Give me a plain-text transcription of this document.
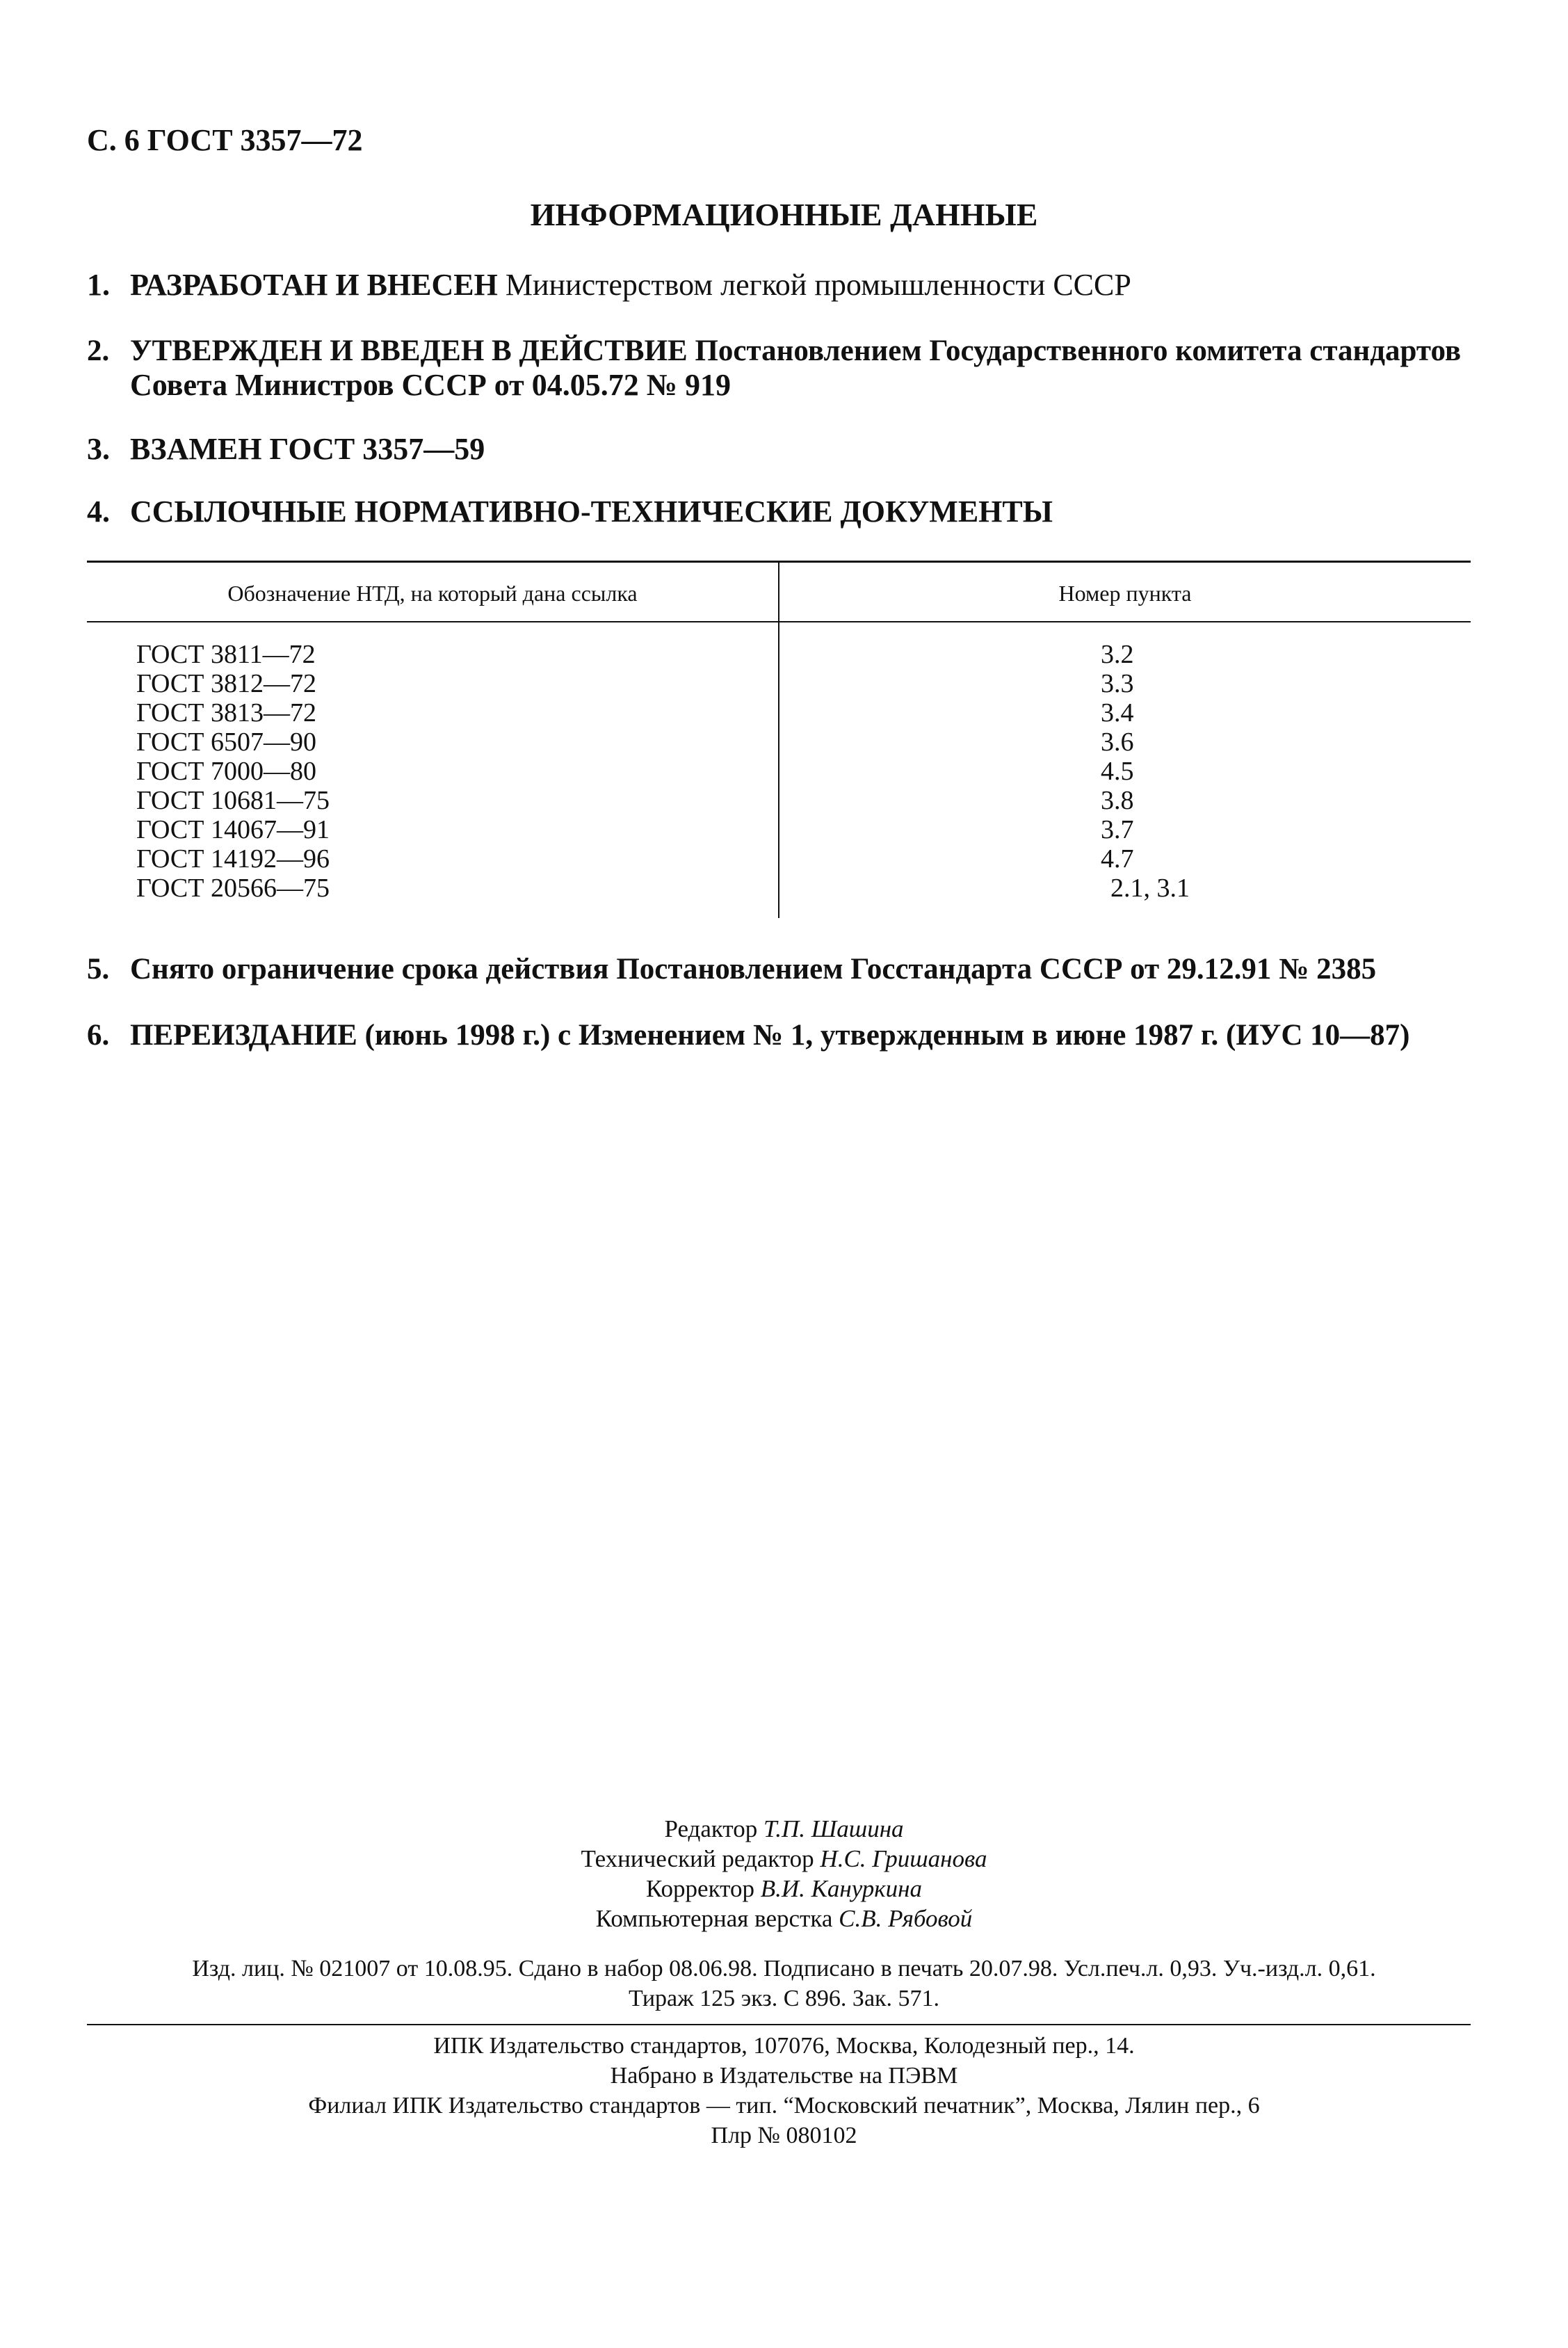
С. 6 ГОСТ 3357—72
ИНФОРМАЦИОННЫЕ ДАННЫЕ
1. РАЗРАБОТАН И ВНЕСЕН Министерством легкой промышленности СССР
2. УТВЕРЖДЕН И ВВЕДЕН В ДЕЙСТВИЕ Постановлением Государственного комитета стандартов
Совета Министров СССР от 04.05.72 № 919
3. ВЗАМЕН ГОСТ 3357—59
4. ССЫЛОЧНЫЕ НОРМАТИВНО-ТЕХНИЧЕСКИЕ ДОКУМЕНТЫ
Обозначение НТД, на который дана ссылка	Номер пункта
ГОСТ 3811—72	3.2
ГОСТ 3812—72	3.3
ГОСТ 3813—72	3.4
ГОСТ 6507—90	3.6
ГОСТ 7000—80	4.5
ГОСТ 10681—75	3.8
ГОСТ 14067—91	3.7
ГОСТ 14192—96	4.7
ГОСТ 20566—75	2.1, 3.1
5. Снято ограничение срока действия Постановлением Госстандарта СССР от 29.12.91 № 2385
6. ПЕРЕИЗДАНИЕ (июнь 1998 г.) с Изменением № 1, утвержденным в июне 1987 г. (ИУС 10—87)
Редактор Т.П. Шашина
Технический редактор Н.С. Гришанова
Корректор В.И. Кануркина
Компьютерная верстка С.В. Рябовой
Изд. лиц. № 021007 от 10.08.95. Сдано в набор 08.06.98. Подписано в печать 20.07.98. Усл.печ.л. 0,93. Уч.-изд.л. 0,61.
Тираж 125 экз. С 896. Зак. 571.
ИПК Издательство стандартов, 107076, Москва, Колодезный пер., 14.
Набрано в Издательстве на ПЭВМ
Филиал ИПК Издательство стандартов — тип. “Московский печатник”, Москва, Лялин пер., 6
Плр № 080102
